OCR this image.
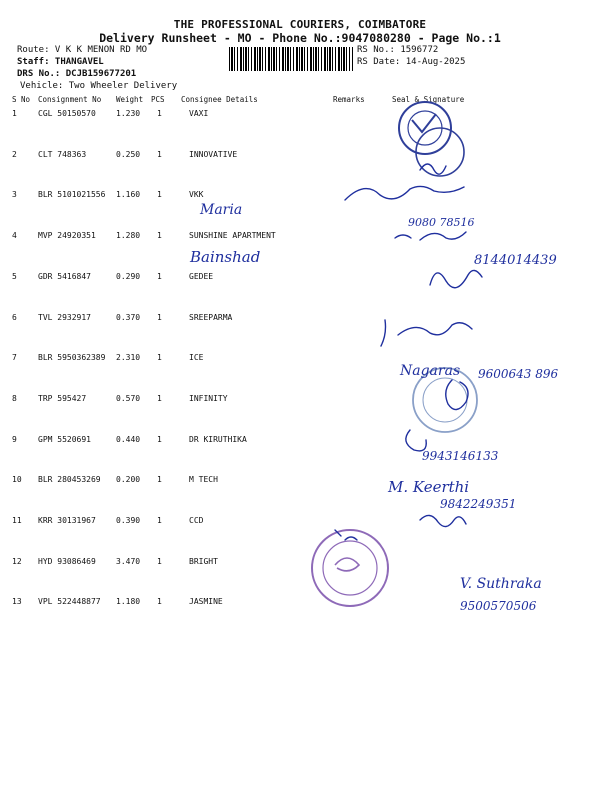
THE PROFESSIONAL COURIERS, COIMBATORE
Delivery Runsheet - MO - Phone No.:9047080280 - Page No.:1
Route: V K K MENON RD MO
Staff: THANGAVEL
DRS No.: DCJB159677201
Vehicle: Two Wheeler Delivery
RS No.: 1596772
RS Date: 14-Aug-2025
S No Consignment No Weight PCS Consignee Details	Remarks	Seal & Signature
1	CGL 50150570	1.230 1	VAXI
2	CLT 748363	0.250 1	INNOVATIVE
3	BLR 5101021556 1.160 1	VKK
4	MVP 24920351	1.280 1	SUNSHINE APARTMENT
5	GDR 5416847	0.290 1	GEDEE
6	TVL 2932917	0.370 1	SREEPARMA
7	BLR 5950362389 2.310 1	ICE
8	TRP 595427	0.570 1	INFINITY
9	GPM 5520691	0.440 1	DR KIRUTHIKA
10 BLR 280453269 0.200 1	M TECH
11 KRR 30131967	0.390 1	CCD
12 HYD 93086469	3.470 1	BRIGHT
13 VPL 522448877 1.180 1	JASMINE
Maria
9080 78516
Bainshad	8144014439
Nagaras 9600643 896
9943146133
M. Keerthi
9842249351
V. Suthraka
9500570506
